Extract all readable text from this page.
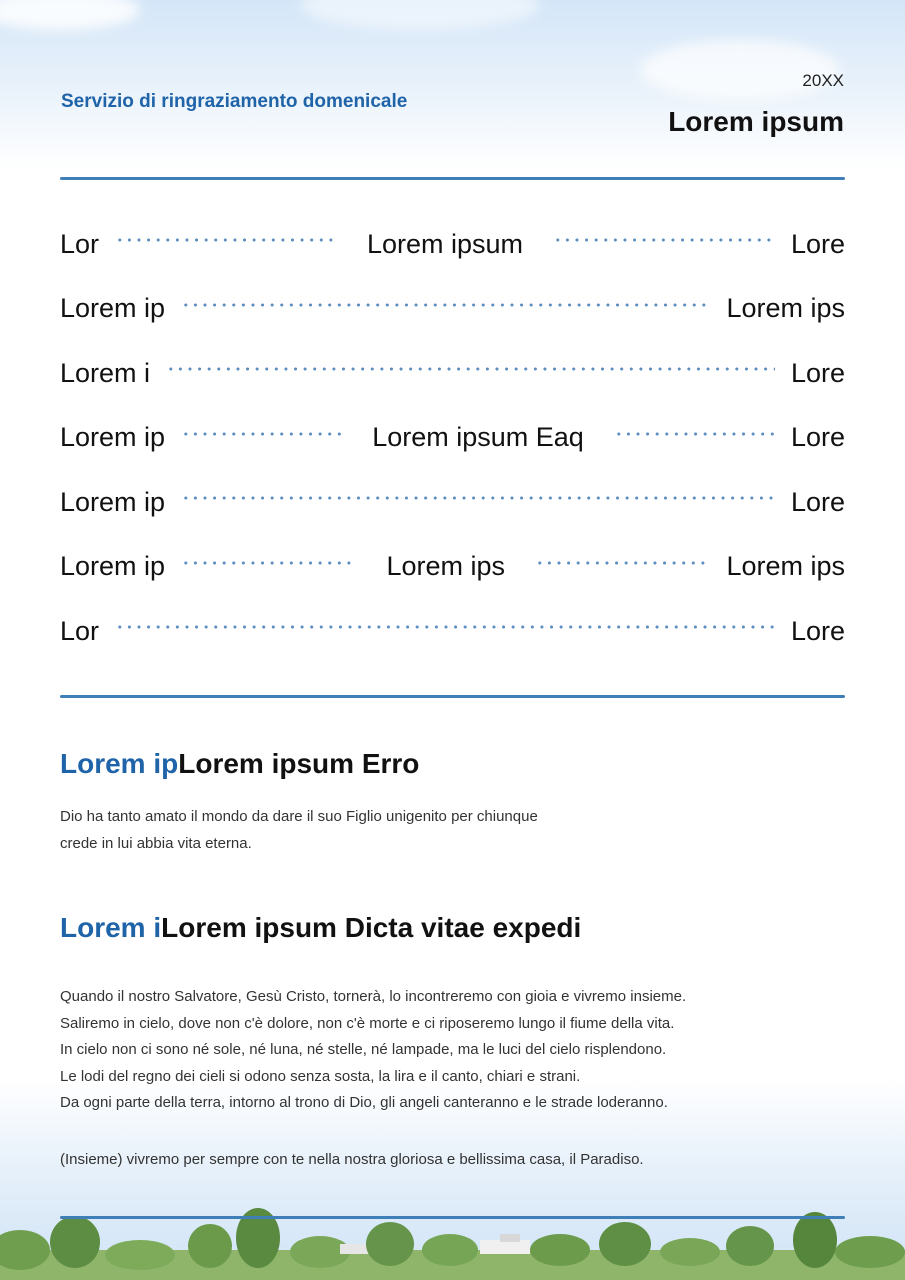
Servizio di ringraziamento domenicale
20XX
Lorem ipsum
Lor	Lorem ipsum	Lore
Lorem ip	Lorem ips
Lorem i	Lore
Lorem ip	Lorem ipsum Eaq	Lore
Lorem ip	Lore
Lorem ip	Lorem ips	Lorem ips
Lor	Lore
Lorem ipLorem ipsum Erro
Dio ha tanto amato il mondo da dare il suo Figlio unigenito per chiunque
crede in lui abbia vita eterna.
Lorem iLorem ipsum Dicta vitae expedi
Quando il nostro Salvatore, Gesù Cristo, tornerà, lo incontreremo con gioia e vivremo insieme.
Saliremo in cielo, dove non c'è dolore, non c'è morte e ci riposeremo lungo il fiume della vita.
In cielo non ci sono né sole, né luna, né stelle, né lampade, ma le luci del cielo risplendono.
Le lodi del regno dei cieli si odono senza sosta, la lira e il canto, chiari e strani.
Da ogni parte della terra, intorno al trono di Dio, gli angeli canteranno e le strade loderanno.
(Insieme) vivremo per sempre con te nella nostra gloriosa e bellissima casa, il Paradiso.
